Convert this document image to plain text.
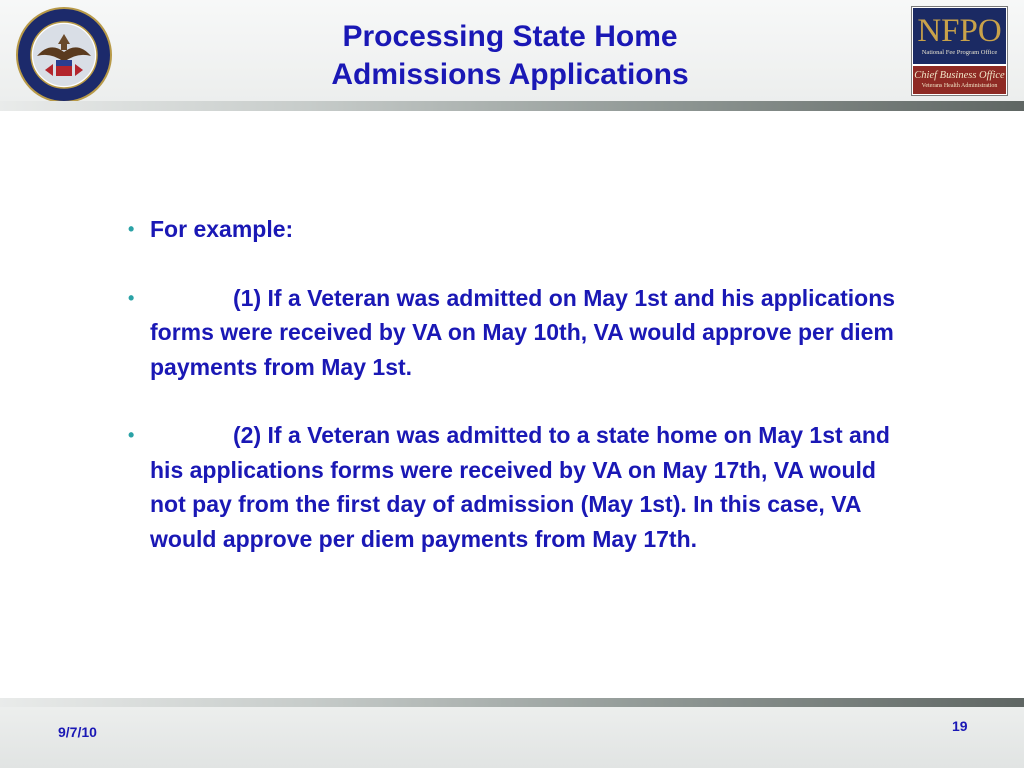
Processing State Home
Admissions Applications
NFPO
National Fee Program Office
Chief Business Office
Veterans Health Administration
• For example:
•	(1) If a Veteran was admitted on May 1st and his applications forms were received by VA on May 10th, VA would approve per diem payments from May 1st.
•	(2) If a Veteran was admitted to a state home on May 1st and his applications forms were received by VA on May 17th, VA would not pay from the first day of admission (May 1st). In this case, VA would approve per diem payments from May 17th.
9/7/10	19
